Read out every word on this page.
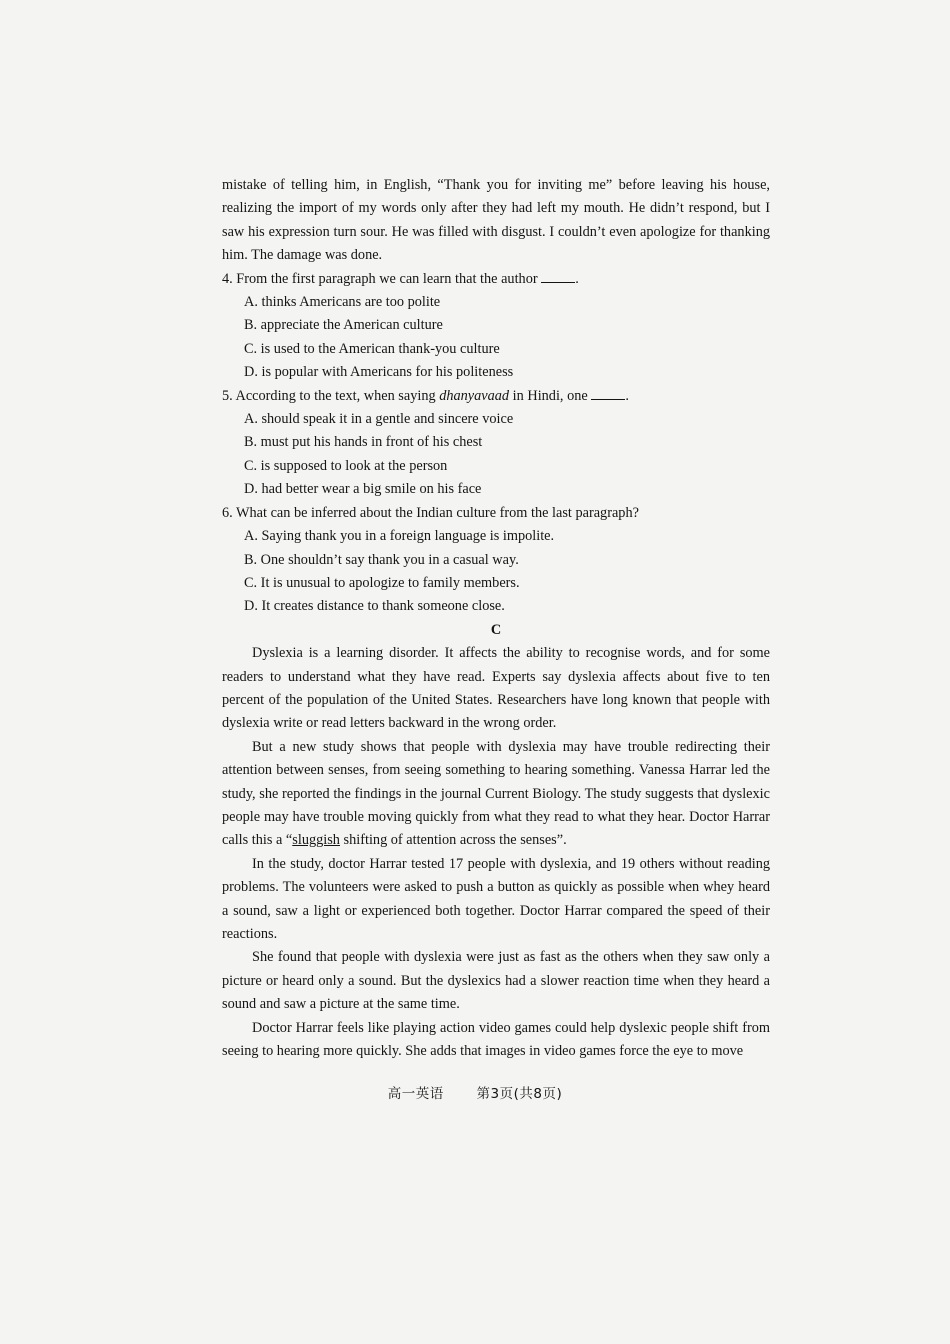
mistake of telling him, in English, “Thank you for inviting me” before leaving his house, realizing the import of my words only after they had left my mouth. He didn’t respond, but I saw his expression turn sour. He was filled with disgust. I couldn’t even apologize for thanking him. The damage was done.

4. From the first paragraph we can learn that the author	.

A. thinks Americans are too polite

B. appreciate the American culture

C. is used to the American thank-you culture

D. is popular with Americans for his politeness

5. According to the text, when saying dhanyavaad in Hindi, one	.

A. should speak it in a gentle and sincere voice

B. must put his hands in front of his chest

C. is supposed to look at the person

D. had better wear a big smile on his face

6. What can be inferred about the Indian culture from the last paragraph?

A. Saying thank you in a foreign language is impolite.

B. One shouldn’t say thank you in a casual way.

C. It is unusual to apologize to family members.

D. It creates distance to thank someone close.

C

Dyslexia is a learning disorder. It affects the ability to recognise words, and for some readers to understand what they have read. Experts say dyslexia affects about five to ten percent of the population of the United States. Researchers have long known that people with dyslexia write or read letters backward in the wrong order.

But a new study shows that people with dyslexia may have trouble redirecting their attention between senses, from seeing something to hearing something. Vanessa Harrar led the study, she reported the findings in the journal Current Biology. The study suggests that dyslexic people may have trouble moving quickly from what they read to what they hear. Doctor Harrar calls this a “sluggish shifting of attention across the senses”.

In the study, doctor Harrar tested 17 people with dyslexia, and 19 others without reading problems. The volunteers were asked to push a button as quickly as possible when whey heard a sound, saw a light or experienced both together. Doctor Harrar compared the speed of their reactions.

She found that people with dyslexia were just as fast as the others when they saw only a picture or heard only a sound. But the dyslexics had a slower reaction time when they heard a sound and saw a picture at the same time.

Doctor Harrar feels like playing action video games could help dyslexic people shift from seeing to hearing more quickly. She adds that images in video games force the eye to move

高一英语 第3页(共8页)
